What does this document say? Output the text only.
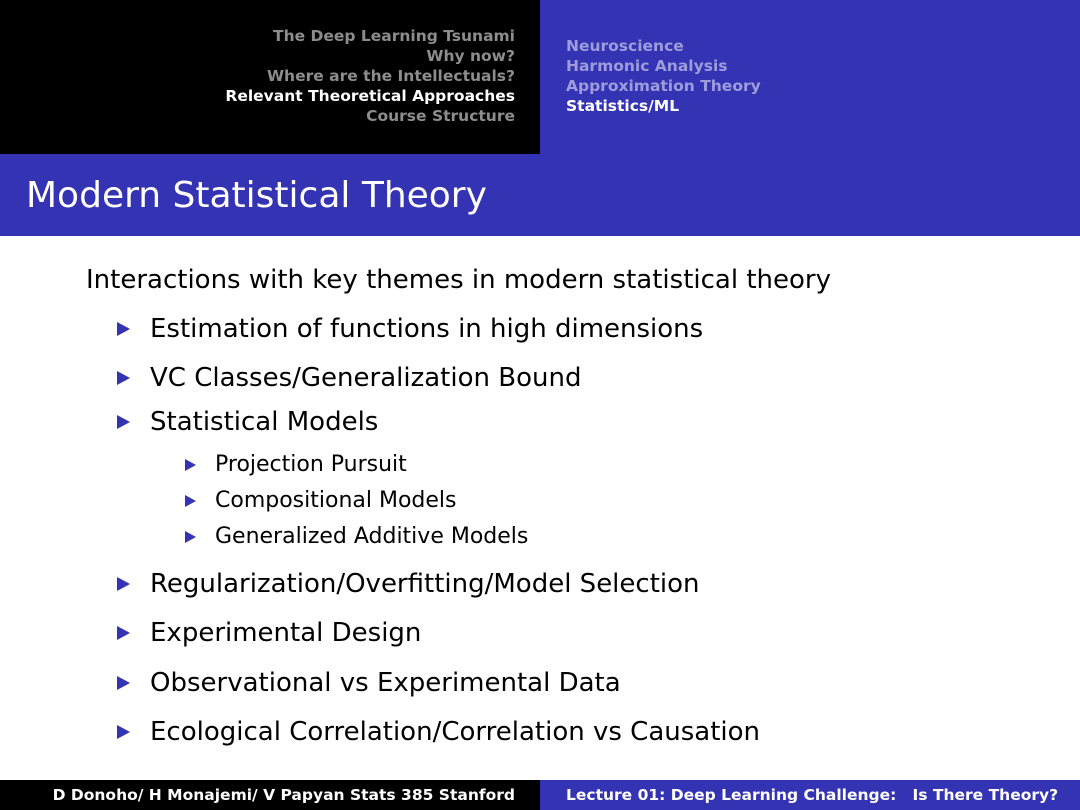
The Deep Learning Tsunami
Why now?
Where are the Intellectuals?
Relevant Theoretical Approaches
Course Structure
Neuroscience
Harmonic Analysis
Approximation Theory
Statistics/ML
Modern Statistical Theory
Interactions with key themes in modern statistical theory
Estimation of functions in high dimensions
VC Classes/Generalization Bound
Statistical Models
Projection Pursuit
Compositional Models
Generalized Additive Models
Regularization/Overfitting/Model Selection
Experimental Design
Observational vs Experimental Data
Ecological Correlation/Correlation vs Causation
D Donoho/ H Monajemi/ V Papyan Stats 385 Stanford	Lecture 01: Deep Learning Challenge:   Is There Theory?
